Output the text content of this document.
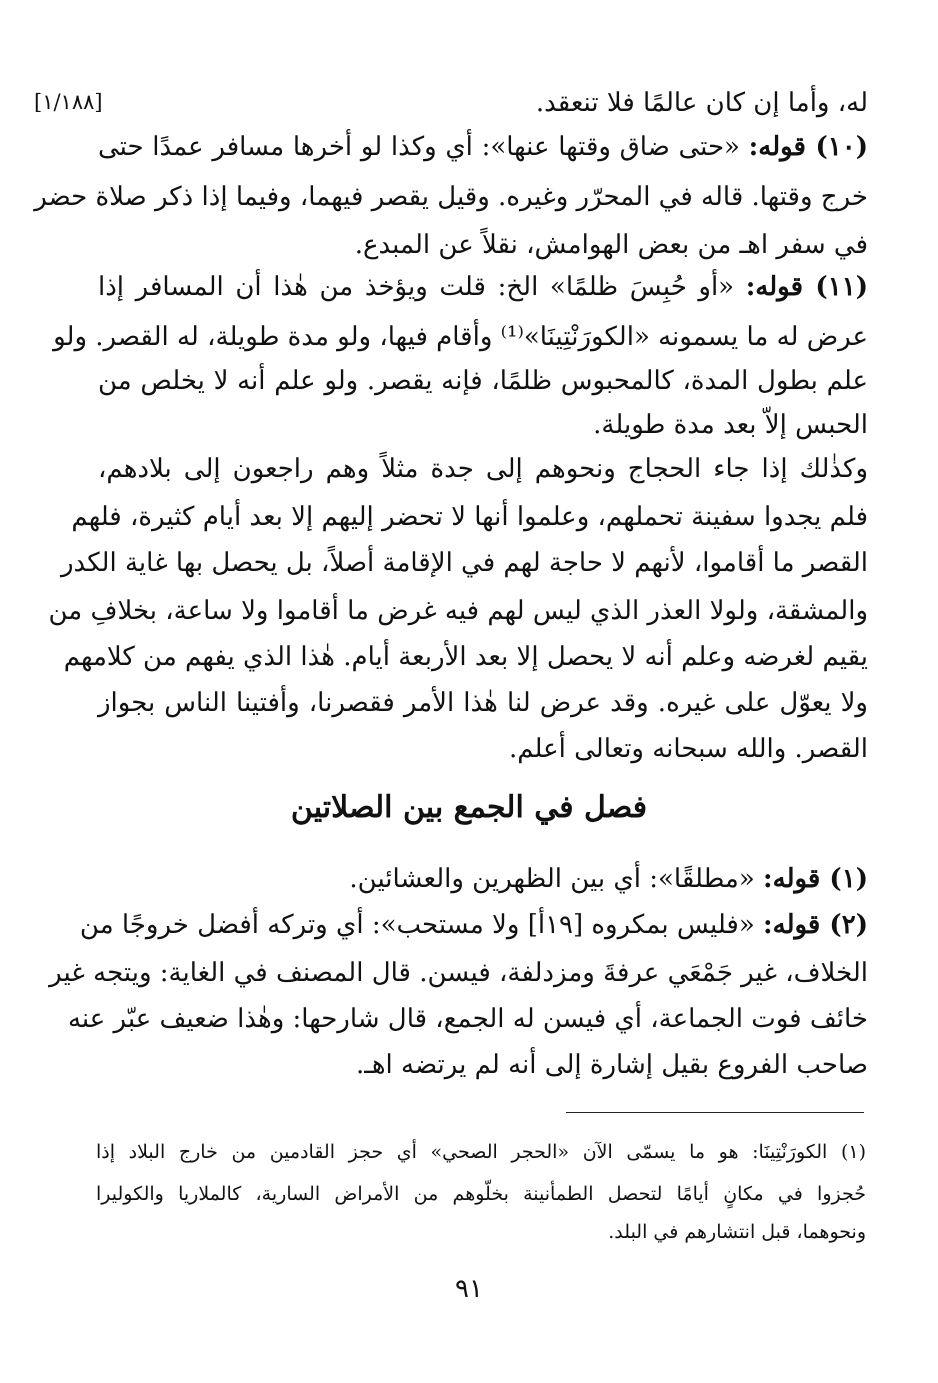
[١/١٨٨]	له، وأما إن كان عالمًا فلا تنعقد.
(١٠) قوله: «حتى ضاق وقتها عنها»: أي وكذا لو أخرها مسافر عمدًا حتى
خرج وقتها. قاله في المحرّر وغيره. وقيل يقصر فيهما، وفيما إذا ذكر صلاة حضر
في سفر اهـ من بعض الهوامش، نقلاً عن المبدع.
(١١) قوله: «أو حُبِسَ ظلمًا» الخ: قلت ويؤخذ من هٰذا أن المسافر إذا
عرض له ما يسمونه «الكورَنْتِينَا»⁽¹⁾ وأقام فيها، ولو مدة طويلة، له القصر. ولو
علم بطول المدة، كالمحبوس ظلمًا، فإنه يقصر. ولو علم أنه لا يخلص من
الحبس إلاّ بعد مدة طويلة.
وكذٰلك إذا جاء الحجاج ونحوهم إلى جدة مثلاً وهم راجعون إلى بلادهم،
فلم يجدوا سفينة تحملهم، وعلموا أنها لا تحضر إليهم إلا بعد أيام كثيرة، فلهم
القصر ما أقاموا، لأنهم لا حاجة لهم في الإقامة أصلاً، بل يحصل بها غاية الكدر
والمشقة، ولولا العذر الذي ليس لهم فيه غرض ما أقاموا ولا ساعة، بخلافِ من
يقيم لغرضه وعلم أنه لا يحصل إلا بعد الأربعة أيام. هٰذا الذي يفهم من كلامهم
ولا يعوّل على غيره. وقد عرض لنا هٰذا الأمر فقصرنا، وأفتينا الناس بجواز
القصر. والله سبحانه وتعالى أعلم.
فصل في الجمع بين الصلاتين
(١) قوله: «مطلقًا»: أي بين الظهرين والعشائين.
(٢) قوله: «فليس بمكروه [١٩أ] ولا مستحب»: أي وتركه أفضل خروجًا من
الخلاف، غير جَمْعَي عرفةَ ومزدلفة، فيسن. قال المصنف في الغاية: ويتجه غير
خائف فوت الجماعة، أي فيسن له الجمع، قال شارحها: وهٰذا ضعيف عبّر عنه
صاحب الفروع بقيل إشارة إلى أنه لم يرتضه اهـ.
(١) الكورَنْتِينَا: هو ما يسمّى الآن «الحجر الصحي» أي حجز القادمين من خارج البلاد إذا
حُجزوا في مكانٍ أيامًا لتحصل الطمأنينة بخلّوهم من الأمراض السارية، كالملاريا والكوليرا
ونحوهما، قبل انتشارهم في البلد.
٩١
